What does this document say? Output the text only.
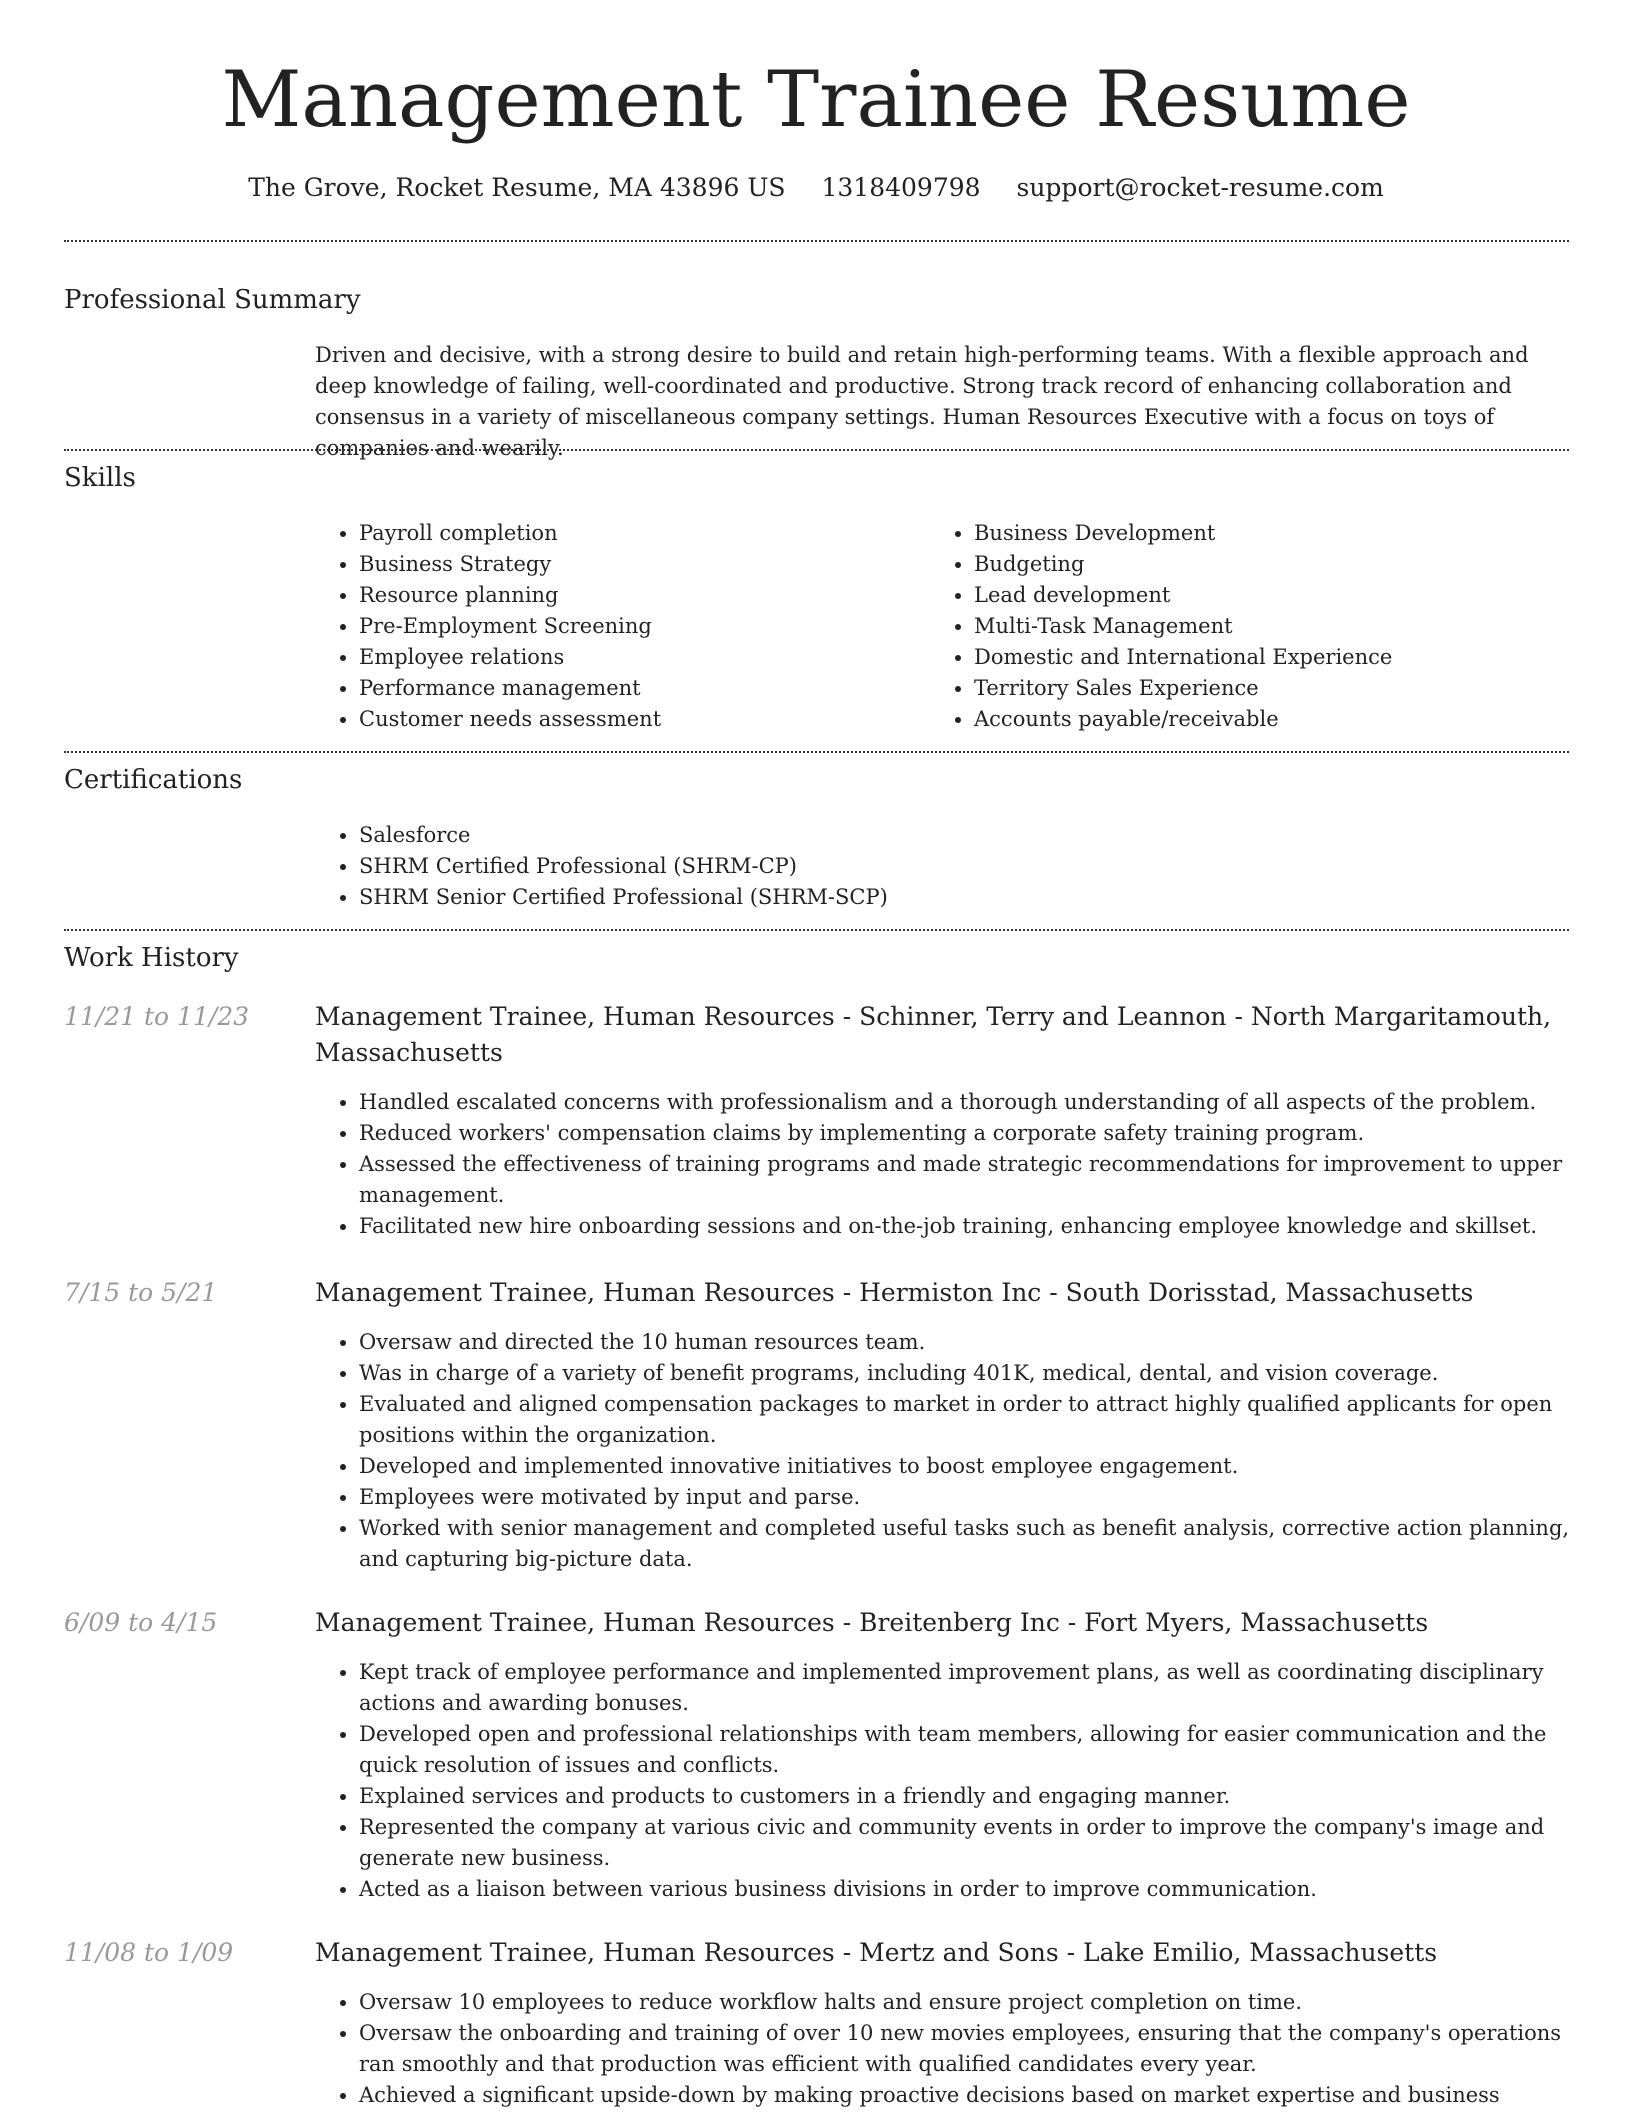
Management Trainee Resume
The Grove, Rocket Resume, MA 43896 US 1318409798 support@rocket-resume.com
Professional Summary
Driven and decisive, with a strong desire to build and retain high-performing teams. With a flexible approach and deep knowledge of failing, well-coordinated and productive. Strong track record of enhancing collaboration and consensus in a variety of miscellaneous company settings. Human Resources Executive with a focus on toys of companies and wearily.
Skills
• Payroll completion
• Business Strategy
• Resource planning
• Pre-Employment Screening
• Employee relations
• Performance management
• Customer needs assessment
• Business Development
• Budgeting
• Lead development
• Multi-Task Management
• Domestic and International Experience
• Territory Sales Experience
• Accounts payable/receivable
Certifications
• Salesforce
• SHRM Certified Professional (SHRM-CP)
• SHRM Senior Certified Professional (SHRM-SCP)
Work History
11/21 to 11/23	Management Trainee, Human Resources - Schinner, Terry and Leannon - North Margaritamouth,
Massachusetts
• Handled escalated concerns with professionalism and a thorough understanding of all aspects of the problem.
• Reduced workers' compensation claims by implementing a corporate safety training program.
• Assessed the effectiveness of training programs and made strategic recommendations for improvement to upper management.
• Facilitated new hire onboarding sessions and on-the-job training, enhancing employee knowledge and skillset.
7/15 to 5/21	Management Trainee, Human Resources - Hermiston Inc - South Dorisstad, Massachusetts
• Oversaw and directed the 10 human resources team.
• Was in charge of a variety of benefit programs, including 401K, medical, dental, and vision coverage.
• Evaluated and aligned compensation packages to market in order to attract highly qualified applicants for open positions within the organization.
• Developed and implemented innovative initiatives to boost employee engagement.
• Employees were motivated by input and parse.
• Worked with senior management and completed useful tasks such as benefit analysis, corrective action planning, and capturing big-picture data.
6/09 to 4/15	Management Trainee, Human Resources - Breitenberg Inc - Fort Myers, Massachusetts
• Kept track of employee performance and implemented improvement plans, as well as coordinating disciplinary actions and awarding bonuses.
• Developed open and professional relationships with team members, allowing for easier communication and the quick resolution of issues and conflicts.
• Explained services and products to customers in a friendly and engaging manner.
• Represented the company at various civic and community events in order to improve the company's image and generate new business.
• Acted as a liaison between various business divisions in order to improve communication.
11/08 to 1/09	Management Trainee, Human Resources - Mertz and Sons - Lake Emilio, Massachusetts
• Oversaw 10 employees to reduce workflow halts and ensure project completion on time.
• Oversaw the onboarding and training of over 10 new movies employees, ensuring that the company's operations ran smoothly and that production was efficient with qualified candidates every year.
• Achieved a significant upside-down by making proactive decisions based on market expertise and business
